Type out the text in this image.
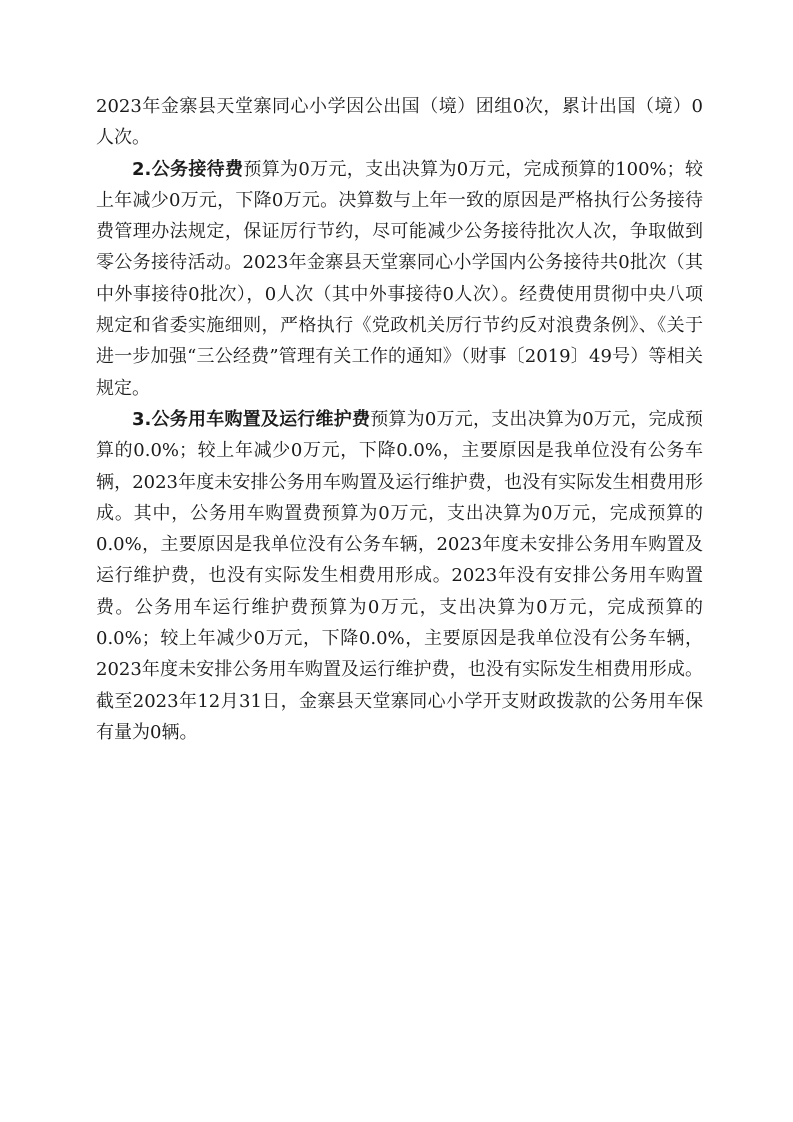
2023年金寨县天堂寨同心小学因公出国（境）团组0次，累计出国（境）0人次。

2.公务接待费预算为0万元，支出决算为0万元，完成预算的100%；较上年减少0万元，下降0万元。决算数与上年一致的原因是严格执行公务接待费管理办法规定，保证厉行节约，尽可能减少公务接待批次人次，争取做到零公务接待活动。2023年金寨县天堂寨同心小学国内公务接待共0批次（其中外事接待0批次），0人次（其中外事接待0人次）。经费使用贯彻中央八项规定和省委实施细则，严格执行《党政机关厉行节约反对浪费条例》、《关于进一步加强“三公经费”管理有关工作的通知》（财事〔2019〕49号）等相关规定。

3.公务用车购置及运行维护费预算为0万元，支出决算为0万元，完成预算的0.0%；较上年减少0万元，下降0.0%，主要原因是我单位没有公务车辆，2023年度未安排公务用车购置及运行维护费，也没有实际发生相费用形成。其中，公务用车购置费预算为0万元，支出决算为0万元，完成预算的0.0%，主要原因是我单位没有公务车辆，2023年度未安排公务用车购置及运行维护费，也没有实际发生相费用形成。2023年没有安排公务用车购置费。公务用车运行维护费预算为0万元，支出决算为0万元，完成预算的0.0%；较上年减少0万元，下降0.0%，主要原因是我单位没有公务车辆，2023年度未安排公务用车购置及运行维护费，也没有实际发生相费用形成。截至2023年12月31日，金寨县天堂寨同心小学开支财政拨款的公务用车保有量为0辆。
